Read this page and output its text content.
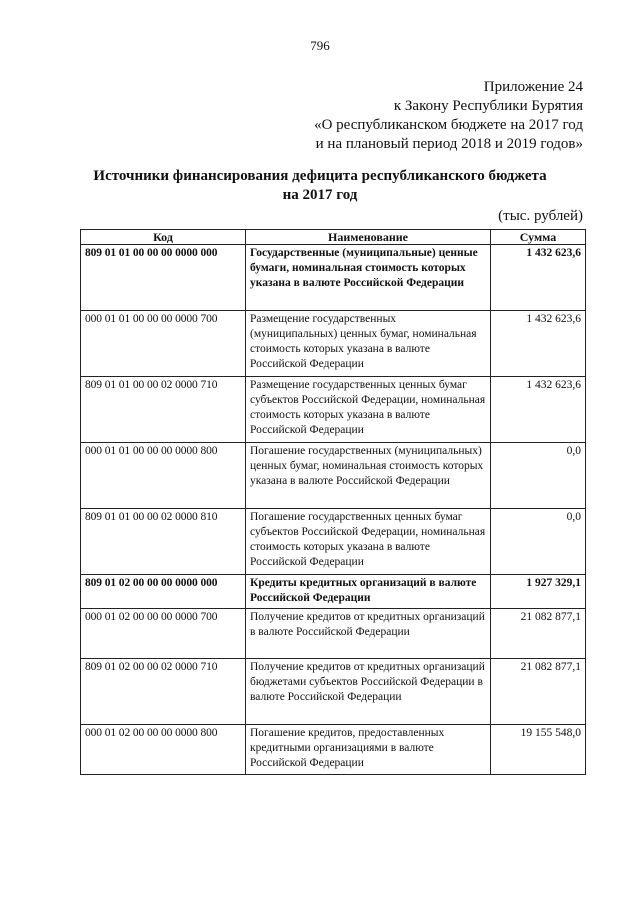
796
Приложение 24
к Закону Республики Бурятия
«О республиканском бюджете на 2017 год
и на плановый период 2018 и 2019 годов»
Источники финансирования дефицита республиканского бюджета
на 2017 год
(тыс. рублей)
Код	Наименование	Сумма
809 01 01 00 00 00 0000 000	Государственные (муниципальные) ценные бумаги, номинальная стоимость которых указана в валюте Российской Федерации	1 432 623,6
000 01 01 00 00 00 0000 700	Размещение государственных (муниципальных) ценных бумаг, номинальная стоимость которых указана в валюте Российской Федерации	1 432 623,6
809 01 01 00 00 02 0000 710	Размещение государственных ценных бумаг субъектов Российской Федерации, номинальная стоимость которых указана в валюте Российской Федерации	1 432 623,6
000 01 01 00 00 00 0000 800	Погашение государственных (муниципальных) ценных бумаг, номинальная стоимость которых указана в валюте Российской Федерации	0,0
809 01 01 00 00 02 0000 810	Погашение государственных ценных бумаг субъектов Российской Федерации, номинальная стоимость которых указана в валюте Российской Федерации	0,0
809 01 02 00 00 00 0000 000	Кредиты кредитных организаций в валюте Российской Федерации	1 927 329,1
000 01 02 00 00 00 0000 700	Получение кредитов от кредитных организаций в валюте Российской Федерации	21 082 877,1
809 01 02 00 00 02 0000 710	Получение кредитов от кредитных организаций бюджетами субъектов Российской Федерации в валюте Российской Федерации	21 082 877,1
000 01 02 00 00 00 0000 800	Погашение кредитов, предоставленных кредитными организациями в валюте Российской Федерации	19 155 548,0
